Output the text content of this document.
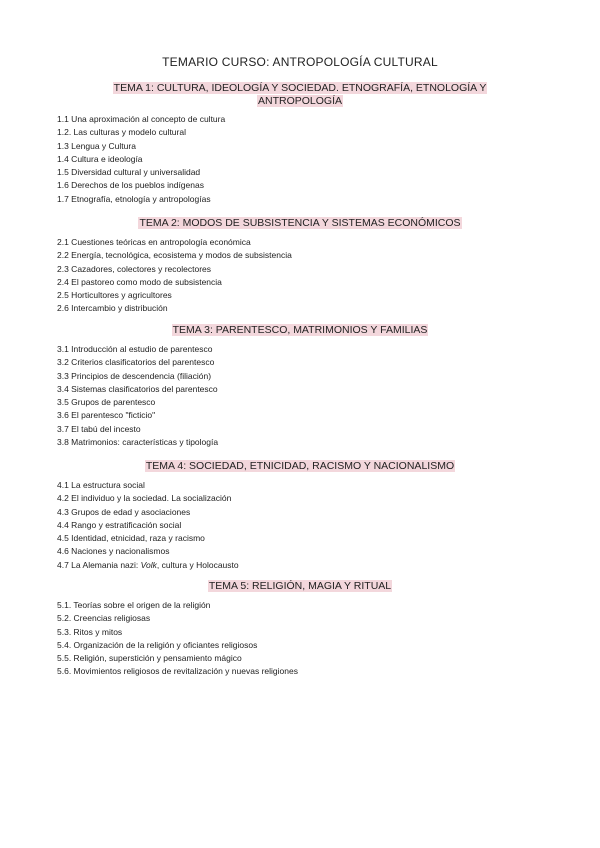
TEMARIO CURSO: ANTROPOLOGÍA CULTURAL
TEMA 1: CULTURA, IDEOLOGÍA Y SOCIEDAD. ETNOGRAFÍA, ETNOLOGÍA Y
ANTROPOLOGÍA
1.1 Una aproximación al concepto de cultura
1.2. Las culturas y modelo cultural
1.3 Lengua y Cultura
1.4 Cultura e ideología
1.5 Diversidad cultural y universalidad
1.6 Derechos de los pueblos indígenas
1.7 Etnografía, etnología y antropologías
TEMA 2: MODOS DE SUBSISTENCIA Y SISTEMAS ECONÓMICOS
2.1 Cuestiones teóricas en antropología económica
2.2 Energía, tecnológica, ecosistema y modos de subsistencia
2.3 Cazadores, colectores y recolectores
2.4 El pastoreo como modo de subsistencia
2.5 Horticultores y agricultores
2.6 Intercambio y distribución
TEMA 3: PARENTESCO, MATRIMONIOS Y FAMILIAS
3.1 Introducción al estudio de parentesco
3.2 Criterios clasificatorios del parentesco
3.3 Principios de descendencia (filiación)
3.4 Sistemas clasificatorios del parentesco
3.5 Grupos de parentesco
3.6 El parentesco "ficticio"
3.7 El tabú del incesto
3.8 Matrimonios: características y tipología
TEMA 4: SOCIEDAD, ETNICIDAD, RACISMO Y NACIONALISMO
4.1 La estructura social
4.2 El individuo y la sociedad. La socialización
4.3 Grupos de edad y asociaciones
4.4 Rango y estratificación social
4.5 Identidad, etnicidad, raza y racismo
4.6 Naciones y nacionalismos
4.7 La Alemania nazi: Volk, cultura y Holocausto
TEMA 5: RELIGIÓN, MAGIA Y RITUAL
5.1. Teorías sobre el origen de la religión
5.2. Creencias religiosas
5.3. Ritos y mitos
5.4. Organización de la religión y oficiantes religiosos
5.5. Religión, superstición y pensamiento mágico
5.6. Movimientos religiosos de revitalización y nuevas religiones
